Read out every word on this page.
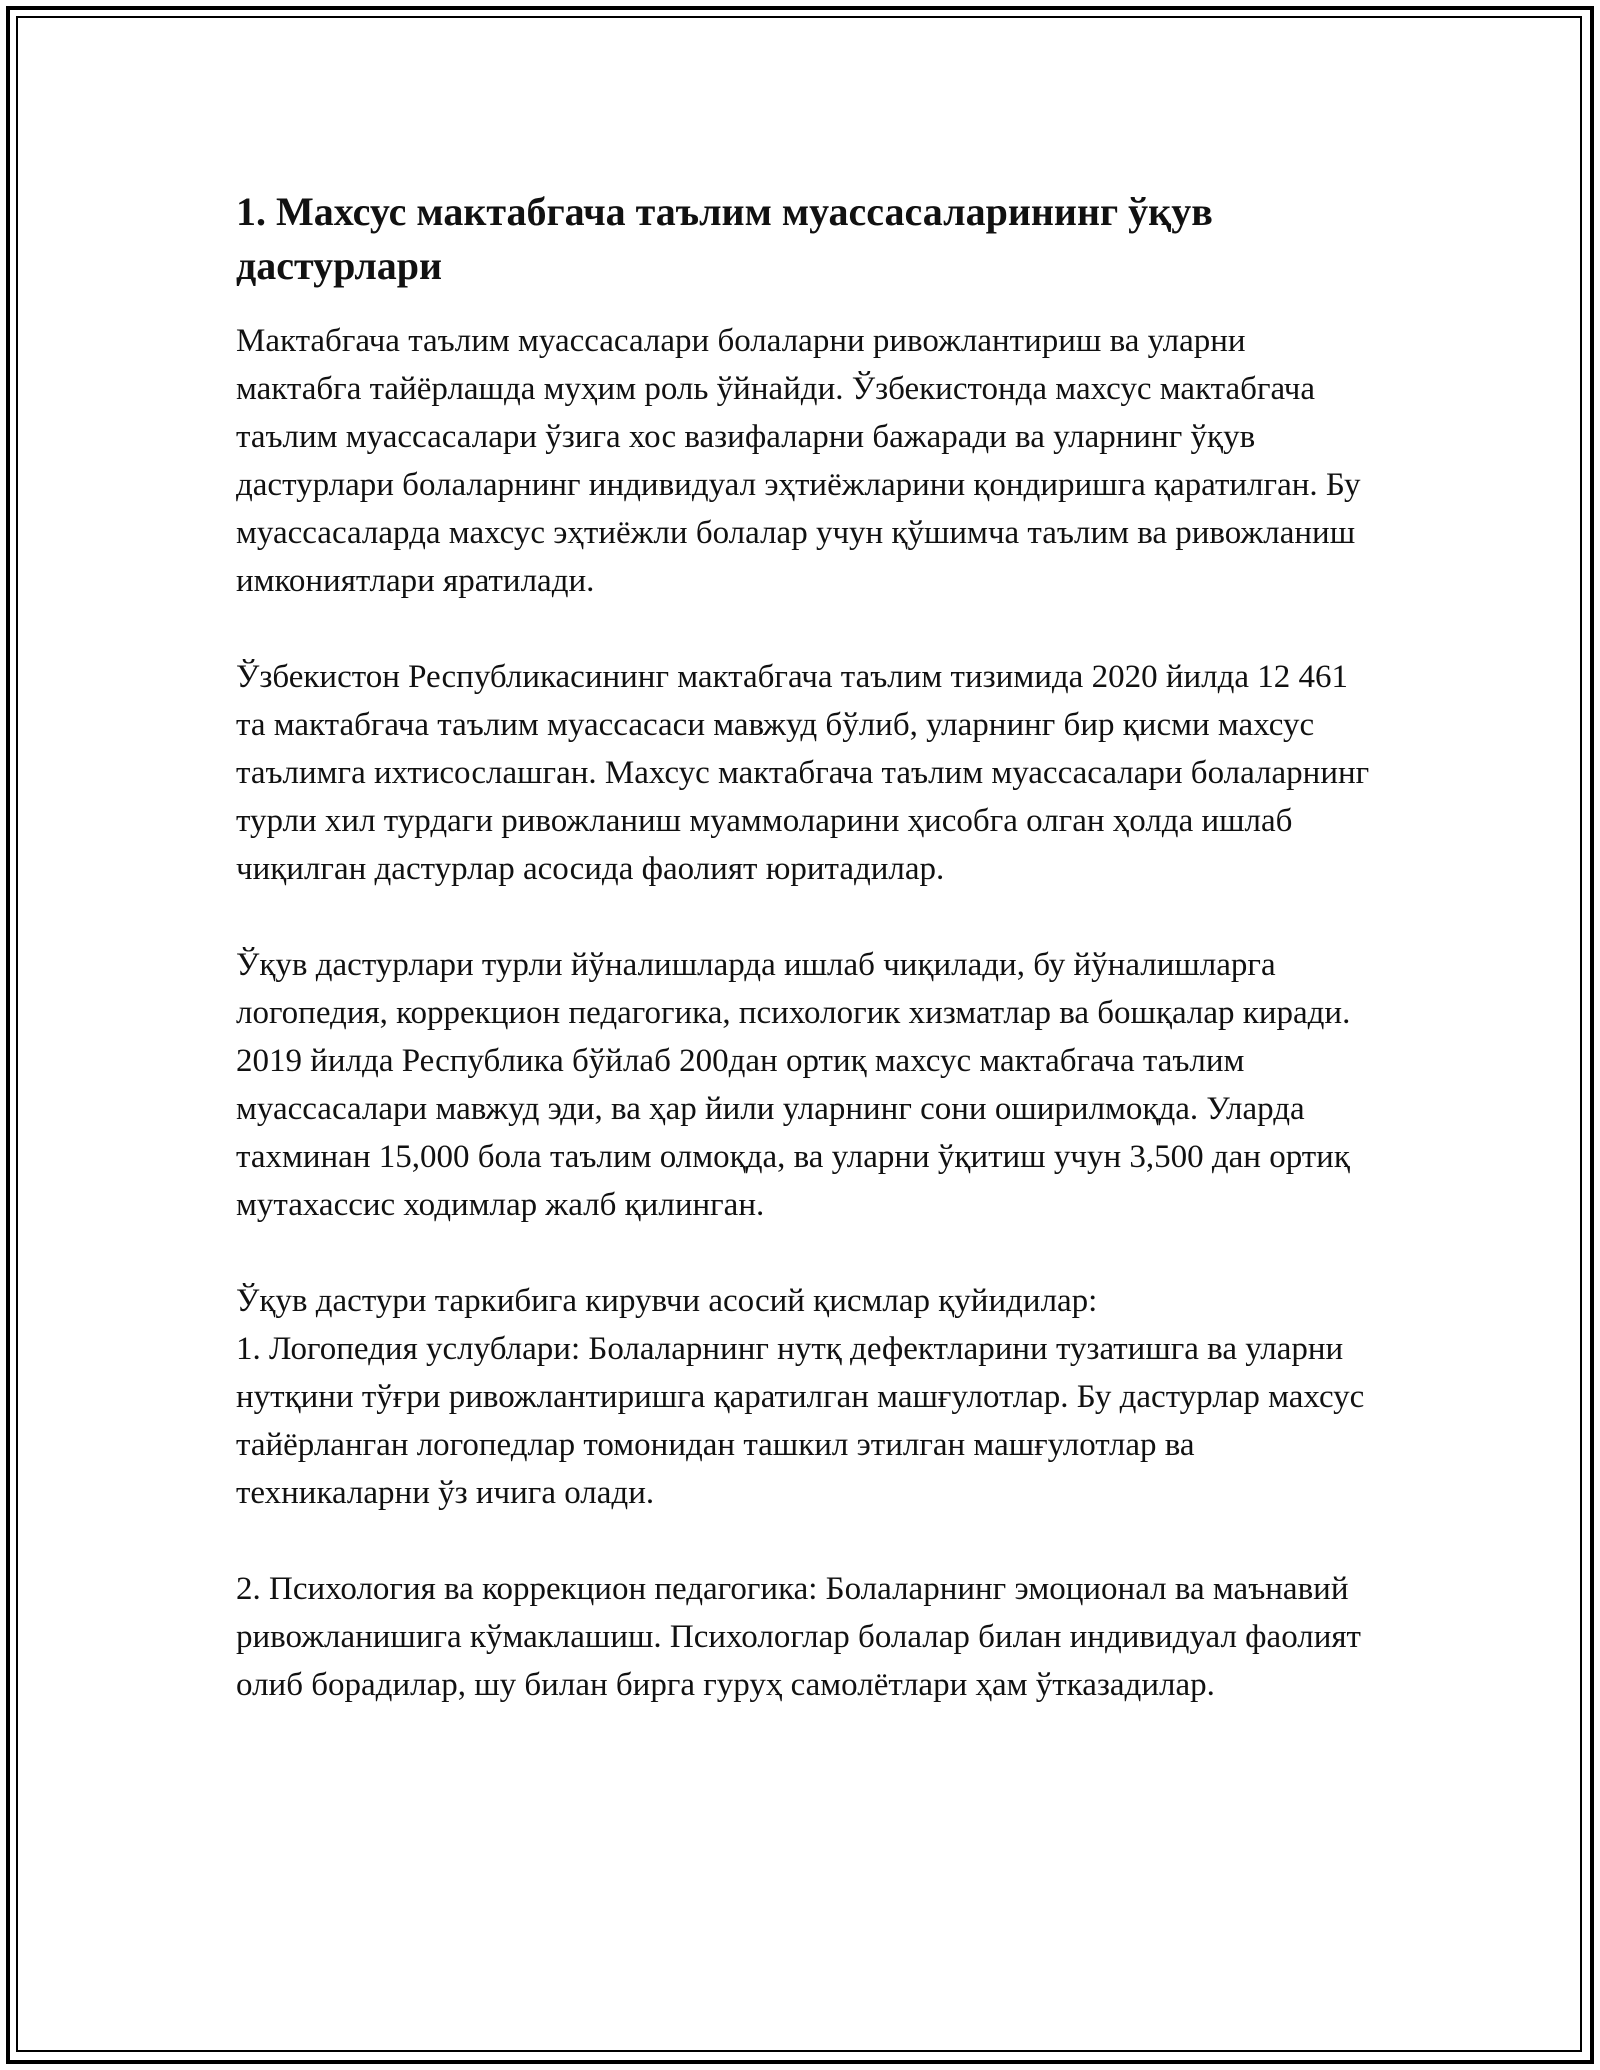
1. Махсус мактабгача таълим муассасаларининг ўқув дастурлари

Мактабгача таълим муассасалари болаларни ривожлантириш ва уларни мактабга тайёрлашда муҳим роль ўйнайди. Ўзбекистонда махсус мактабгача таълим муассасалари ўзига хос вазифаларни бажаради ва уларнинг ўқув дастурлари болаларнинг индивидуал эҳтиёжларини қондиришга қаратилган. Бу муассасаларда махсус эҳтиёжли болалар учун қўшимча таълим ва ривожланиш имкониятлари яратилади.

Ўзбекистон Республикасининг мактабгача таълим тизимида 2020 йилда 12 461 та мактабгача таълим муассасаси мавжуд бўлиб, уларнинг бир қисми махсус таълимга ихтисослашган. Махсус мактабгача таълим муассасалари болаларнинг турли хил турдаги ривожланиш муаммоларини ҳисобга олган ҳолда ишлаб чиқилган дастурлар асосида фаолият юритадилар.

Ўқув дастурлари турли йўналишларда ишлаб чиқилади, бу йўналишларга логопедия, коррекцион педагогика, психологик хизматлар ва бошқалар киради. 2019 йилда Республика бўйлаб 200дан ортиқ махсус мактабгача таълим муассасалари мавжуд эди, ва ҳар йили уларнинг сони оширилмоқда. Уларда тахминан 15,000 бола таълим олмоқда, ва уларни ўқитиш учун 3,500 дан ортиқ мутахассис ходимлар жалб қилинган.

Ўқув дастури таркибига кирувчи асосий қисмлар қуйидилар:

1. Логопедия услублари: Болаларнинг нутқ дефектларини тузатишга ва уларни нутқини тўғри ривожлантиришга қаратилган машғулотлар. Бу дастурлар махсус тайёрланган логопедлар томонидан ташкил этилган машғулотлар ва техникаларни ўз ичига олади.

2. Психология ва коррекцион педагогика: Болаларнинг эмоционал ва маънавий ривожланишига кўмаклашиш. Психологлар болалар билан индивидуал фаолият олиб борадилар, шу билан бирга гуруҳ самолётлари ҳам ўтказадилар.
